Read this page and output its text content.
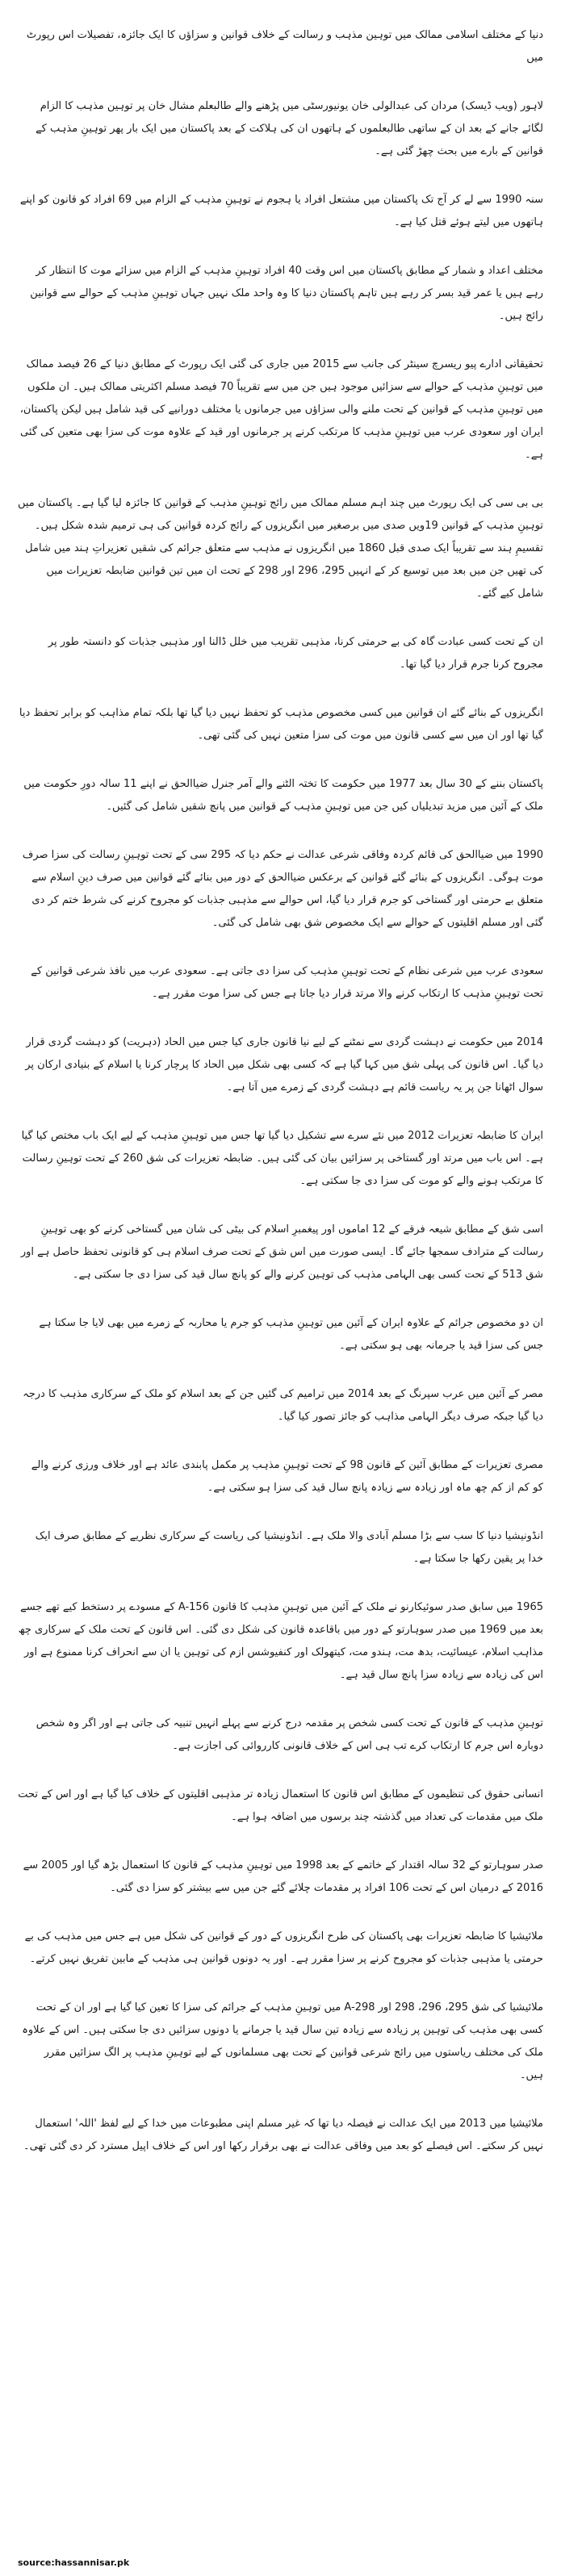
دنیا کے مختلف اسلامی ممالک میں توہین مذہب و رسالت کے خلاف قوانین و سزاؤں کا ایک جائزہ، تفصیلات اس رپورٹ میں

لاہور (ویب ڈیسک) مردان کی عبدالولی خان یونیورسٹی میں پڑھنے والے طالبعلم مشال خان پر توہین مذہب کا الزام لگائے جانے کے بعد ان کے ساتھی طالبعلموں کے ہاتھوں ان کی ہلاکت کے بعد پاکستان میں ایک بار پھر توہینِ مذہب کے قوانین کے بارے میں بحث چھڑ گئی ہے۔

سنہ 1990 سے لے کر آج تک پاکستان میں مشتعل افراد یا ہجوم نے توہینِ مذہب کے الزام میں 69 افراد کو قانون کو اپنے ہاتھوں میں لیتے ہوئے قتل کیا ہے۔

مختلف اعداد و شمار کے مطابق پاکستان میں اس وقت 40 افراد توہینِ مذہب کے الزام میں سزائے موت کا انتظار کر رہے ہیں یا عمر قید بسر کر رہے ہیں تاہم پاکستان دنیا کا وہ واحد ملک نہیں جہاں توہینِ مذہب کے حوالے سے قوانین رائج ہیں۔

تحقیقاتی ادارے پیو ریسرچ سینٹر کی جانب سے 2015 میں جاری کی گئی ایک رپورٹ کے مطابق دنیا کے 26 فیصد ممالک میں توہینِ مذہب کے حوالے سے سزائیں موجود ہیں جن میں سے تقریباً 70 فیصد مسلم اکثریتی ممالک ہیں۔ ان ملکوں میں توہینِ مذہب کے قوانین کے تحت ملنے والی سزاؤں میں جرمانوں یا مختلف دورانیے کی قید شامل ہیں لیکن پاکستان، ایران اور سعودی عرب میں توہینِ مذہب کا مرتکب کرنے پر جرمانوں اور قید کے علاوہ موت کی سزا بھی متعین کی گئی ہے۔

بی بی سی کی ایک رپورٹ میں چند اہم مسلم ممالک میں رائج توہینِ مذہب کے قوانین کا جائزہ لیا گیا ہے۔ پاکستان میں توہینِ مذہب کے قوانین 19ویں صدی میں برصغیر میں انگریزوں کے رائج کردہ قوانین کی ہی ترمیم شدہ شکل ہیں۔ تقسیمِ ہند سے تقریباً ایک صدی قبل 1860 میں انگریزوں نے مذہب سے متعلق جرائم کی شقیں تعزیراتِ ہند میں شامل کی تھیں جن میں بعد میں توسیع کر کے انہیں 295، 296 اور 298 کے تحت ان میں تین قوانین ضابطہ تعزیرات میں شامل کیے گئے۔

ان کے تحت کسی عبادت گاہ کی بے حرمتی کرنا، مذہبی تقریب میں خلل ڈالنا اور مذہبی جذبات کو دانستہ طور پر مجروح کرنا جرم قرار دیا گیا تھا۔

انگریزوں کے بنائے گئے ان قوانین میں کسی مخصوص مذہب کو تحفظ نہیں دیا گیا تھا بلکہ تمام مذاہب کو برابر تحفظ دیا گیا تھا اور ان میں سے کسی قانون میں موت کی سزا متعین نہیں کی گئی تھی۔

پاکستان بننے کے 30 سال بعد 1977 میں حکومت کا تختہ الٹنے والے آمر جنرل ضیاالحق نے اپنے 11 سالہ دورِ حکومت میں ملک کے آئین میں مزید تبدیلیاں کیں جن میں توہینِ مذہب کے قوانین میں پانچ شقیں شامل کی گئیں۔

1990 میں ضیاالحق کی قائم کردہ وفاقی شرعی عدالت نے حکم دیا کہ 295 سی کے تحت توہینِ رسالت کی سزا صرف موت ہوگی۔ انگریزوں کے بنائے گئے قوانین کے برعکس ضیاالحق کے دور میں بنائے گئے قوانین میں صرف دینِ اسلام سے متعلق بے حرمتی اور گستاخی کو جرم قرار دیا گیا، اس حوالے سے مذہبی جذبات کو مجروح کرنے کی شرط ختم کر دی گئی اور مسلم اقلیتوں کے حوالے سے ایک مخصوص شق بھی شامل کی گئی۔

سعودی عرب میں شرعی نظام کے تحت توہینِ مذہب کی سزا دی جاتی ہے۔ سعودی عرب میں نافذ شرعی قوانین کے تحت توہینِ مذہب کا ارتکاب کرنے والا مرتد قرار دیا جاتا ہے جس کی سزا موت مقرر ہے۔

2014 میں حکومت نے دہشت گردی سے نمٹنے کے لیے نیا قانون جاری کیا جس میں الحاد (دہریت) کو دہشت گردی قرار دیا گیا۔ اس قانون کی پہلی شق میں کہا گیا ہے کہ کسی بھی شکل میں الحاد کا پرچار کرنا یا اسلام کے بنیادی ارکان پر سوال اٹھانا جن پر یہ ریاست قائم ہے دہشت گردی کے زمرے میں آتا ہے۔

ایران کا ضابطہ تعزیرات 2012 میں نئے سرے سے تشکیل دیا گیا تھا جس میں توہینِ مذہب کے لیے ایک باب مختص کیا گیا ہے۔ اس باب میں مرتد اور گستاخی پر سزائیں بیان کی گئی ہیں۔ ضابطہ تعزیرات کی شق 260 کے تحت توہینِ رسالت کا مرتکب ہونے والے کو موت کی سزا دی جا سکتی ہے۔

اسی شق کے مطابق شیعہ فرقے کے 12 اماموں اور پیغمبرِ اسلام کی بیٹی کی شان میں گستاخی کرنے کو بھی توہینِ رسالت کے مترادف سمجھا جائے گا۔ ایسی صورت میں اس شق کے تحت صرف اسلام ہی کو قانونی تحفظ حاصل ہے اور شق 513 کے تحت کسی بھی الہامی مذہب کی توہین کرنے والے کو پانچ سال قید کی سزا دی جا سکتی ہے۔

ان دو مخصوص جرائم کے علاوہ ایران کے آئین میں توہینِ مذہب کو جرم یا محاربہ کے زمرے میں بھی لایا جا سکتا ہے جس کی سزا قید یا جرمانہ بھی ہو سکتی ہے۔

مصر کے آئین میں عرب سپرنگ کے بعد 2014 میں ترامیم کی گئیں جن کے بعد اسلام کو ملک کے سرکاری مذہب کا درجہ دیا گیا جبکہ صرف دیگر الہامی مذاہب کو جائز تصور کیا گیا۔

مصری تعزیرات کے مطابق آئین کے قانون 98 کے تحت توہینِ مذہب پر مکمل پابندی عائد ہے اور خلاف ورزی کرنے والے کو کم از کم چھ ماہ اور زیادہ سے زیادہ پانچ سال قید کی سزا ہو سکتی ہے۔

انڈونیشیا دنیا کا سب سے بڑا مسلم آبادی والا ملک ہے۔ انڈونیشیا کی ریاست کے سرکاری نظریے کے مطابق صرف ایک خدا پر یقین رکھا جا سکتا ہے۔

1965 میں سابق صدر سوئیکارنو نے ملک کے آئین میں توہینِ مذہب کا قانون A-156 کے مسودے پر دستخط کیے تھے جسے بعد میں 1969 میں صدر سوہارتو کے دور میں باقاعدہ قانون کی شکل دی گئی۔ اس قانون کے تحت ملک کے سرکاری چھ مذاہب اسلام، عیسائیت، بدھ مت، ہندو مت، کیتھولک اور کنفیوشس ازم کی توہین یا ان سے انحراف کرنا ممنوع ہے اور اس کی زیادہ سے زیادہ سزا پانچ سال قید ہے۔

توہینِ مذہب کے قانون کے تحت کسی شخص پر مقدمہ درج کرنے سے پہلے انہیں تنبیہ کی جاتی ہے اور اگر وہ شخص دوبارہ اس جرم کا ارتکاب کرے تب ہی اس کے خلاف قانونی کارروائی کی اجازت ہے۔

انسانی حقوق کی تنظیموں کے مطابق اس قانون کا استعمال زیادہ تر مذہبی اقلیتوں کے خلاف کیا گیا ہے اور اس کے تحت ملک میں مقدمات کی تعداد میں گذشتہ چند برسوں میں اضافہ ہوا ہے۔

صدر سوہارتو کے 32 سالہ اقتدار کے خاتمے کے بعد 1998 میں توہینِ مذہب کے قانون کا استعمال بڑھ گیا اور 2005 سے 2016 کے درمیان اس کے تحت 106 افراد پر مقدمات چلائے گئے جن میں سے بیشتر کو سزا دی گئی۔

ملائیشیا کا ضابطہ تعزیرات بھی پاکستان کی طرح انگریزوں کے دور کے قوانین کی شکل میں ہے جس میں مذہب کی بے حرمتی یا مذہبی جذبات کو مجروح کرنے پر سزا مقرر ہے۔ اور یہ دونوں قوانین ہی مذہب کے مابین تفریق نہیں کرتے۔

ملائیشیا کی شق 295، 296، 298 اور A-298 میں توہینِ مذہب کے جرائم کی سزا کا تعین کیا گیا ہے اور ان کے تحت کسی بھی مذہب کی توہین پر زیادہ سے زیادہ تین سال قید یا جرمانے یا دونوں سزائیں دی جا سکتی ہیں۔ اس کے علاوہ ملک کی مختلف ریاستوں میں رائج شرعی قوانین کے تحت بھی مسلمانوں کے لیے توہینِ مذہب پر الگ سزائیں مقرر ہیں۔

ملائیشیا میں 2013 میں ایک عدالت نے فیصلہ دیا تھا کہ غیر مسلم اپنی مطبوعات میں خدا کے لیے لفظ 'اللہ' استعمال نہیں کر سکتے۔ اس فیصلے کو بعد میں وفاقی عدالت نے بھی برقرار رکھا اور اس کے خلاف اپیل مسترد کر دی گئی تھی۔

source:hassannisar.pk
